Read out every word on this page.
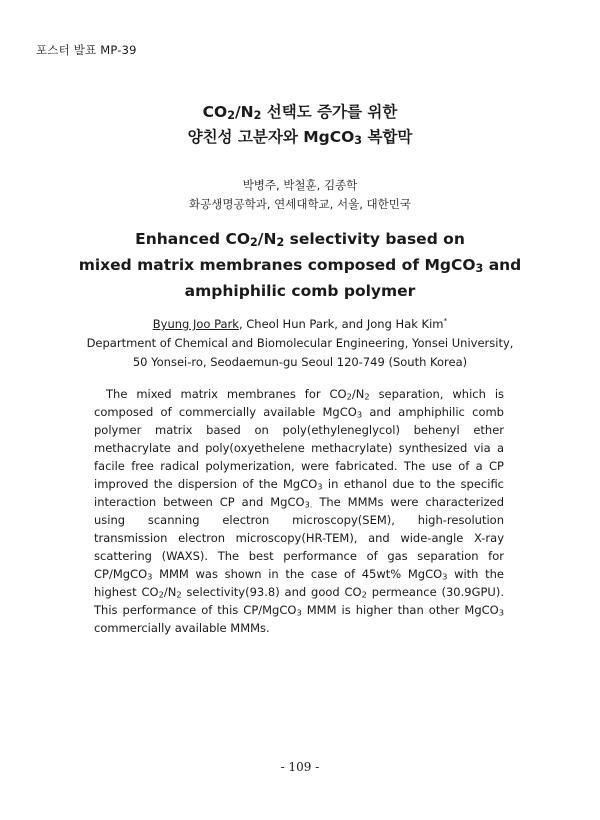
포스터 발표 MP-39
$CO_2/N_2$ 선택도 증가를 위한
양친성 고분자와 MgCO$_3$ 복합막
박병주, 박철훈, 김종학
화공생명공학과, 연세대학교, 서울, 대한민국
Enhanced $CO_2/N_2$ selectivity based on
mixed matrix membranes composed of MgCO$_3$ and
amphiphilic comb polymer
Byung Joo Park, Cheol Hun Park, and Jong Hak Kim*
Department of Chemical and Biomolecular Engineering, Yonsei University,
50 Yonsei-ro, Seodaemun-gu Seoul 120-749 (South Korea)

The mixed matrix membranes for $CO_2/N_2$ separation, which is composed of commercially available MgCO$_3$ and amphiphilic comb polymer matrix based on poly(ethyleneglycol) behenyl ether methacrylate and poly(oxyethelene methacrylate) synthesized via a facile free radical polymerization, were fabricated. The use of a CP improved the dispersion of the MgCO$_3$ in ethanol due to the specific interaction between CP and MgCO$_{3.}$ The MMMs were characterized using scanning electron microscopy(SEM), high-resolution transmission electron microscopy(HR-TEM), and wide-angle X-ray scattering (WAXS). The best performance of gas separation for CP/MgCO$_3$ MMM was shown in the case of 45wt% MgCO$_3$ with the highest $CO_2/N_2$ selectivity(93.8) and good $CO_2$ permeance (30.9GPU). This performance of this CP/MgCO$_3$ MMM is higher than other MgCO$_3$ commercially available MMMs.

- 109 -
